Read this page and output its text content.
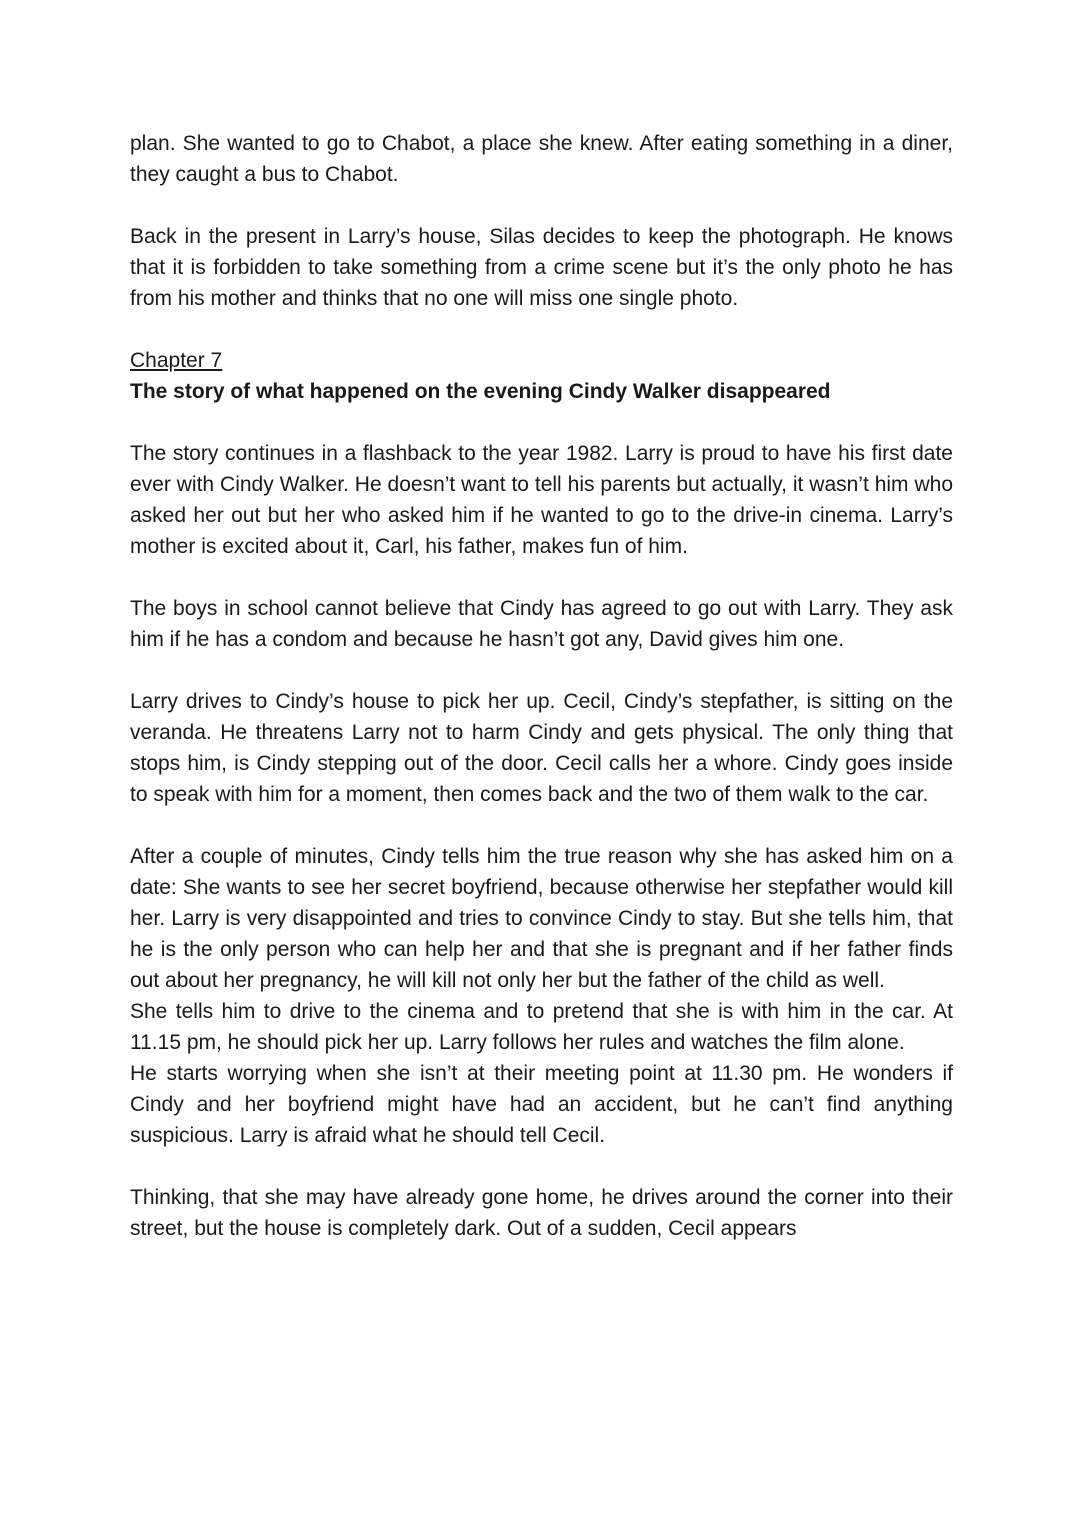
plan. She wanted to go to Chabot, a place she knew. After eating something in a diner, they caught a bus to Chabot.

Back in the present in Larry’s house, Silas decides to keep the photograph. He knows that it is forbidden to take something from a crime scene but it’s the only photo he has from his mother and thinks that no one will miss one single photo.

Chapter 7
The story of what happened on the evening Cindy Walker disappeared

The story continues in a flashback to the year 1982. Larry is proud to have his first date ever with Cindy Walker. He doesn’t want to tell his parents but actually, it wasn’t him who asked her out but her who asked him if he wanted to go to the drive-in cinema. Larry’s mother is excited about it, Carl, his father, makes fun of him.

The boys in school cannot believe that Cindy has agreed to go out with Larry. They ask him if he has a condom and because he hasn’t got any, David gives him one.

Larry drives to Cindy’s house to pick her up. Cecil, Cindy’s stepfather, is sitting on the veranda. He threatens Larry not to harm Cindy and gets physical. The only thing that stops him, is Cindy stepping out of the door. Cecil calls her a whore. Cindy goes inside to speak with him for a moment, then comes back and the two of them walk to the car.

After a couple of minutes, Cindy tells him the true reason why she has asked him on a date: She wants to see her secret boyfriend, because otherwise her stepfather would kill her. Larry is very disappointed and tries to convince Cindy to stay. But she tells him, that he is the only person who can help her and that she is pregnant and if her father finds out about her pregnancy, he will kill not only her but the father of the child as well.

She tells him to drive to the cinema and to pretend that she is with him in the car. At 11.15 pm, he should pick her up. Larry follows her rules and watches the film alone.

He starts worrying when she isn’t at their meeting point at 11.30 pm. He wonders if Cindy and her boyfriend might have had an accident, but he can’t find anything suspicious. Larry is afraid what he should tell Cecil.

Thinking, that she may have already gone home, he drives around the corner into their street, but the house is completely dark. Out of a sudden, Cecil appears
